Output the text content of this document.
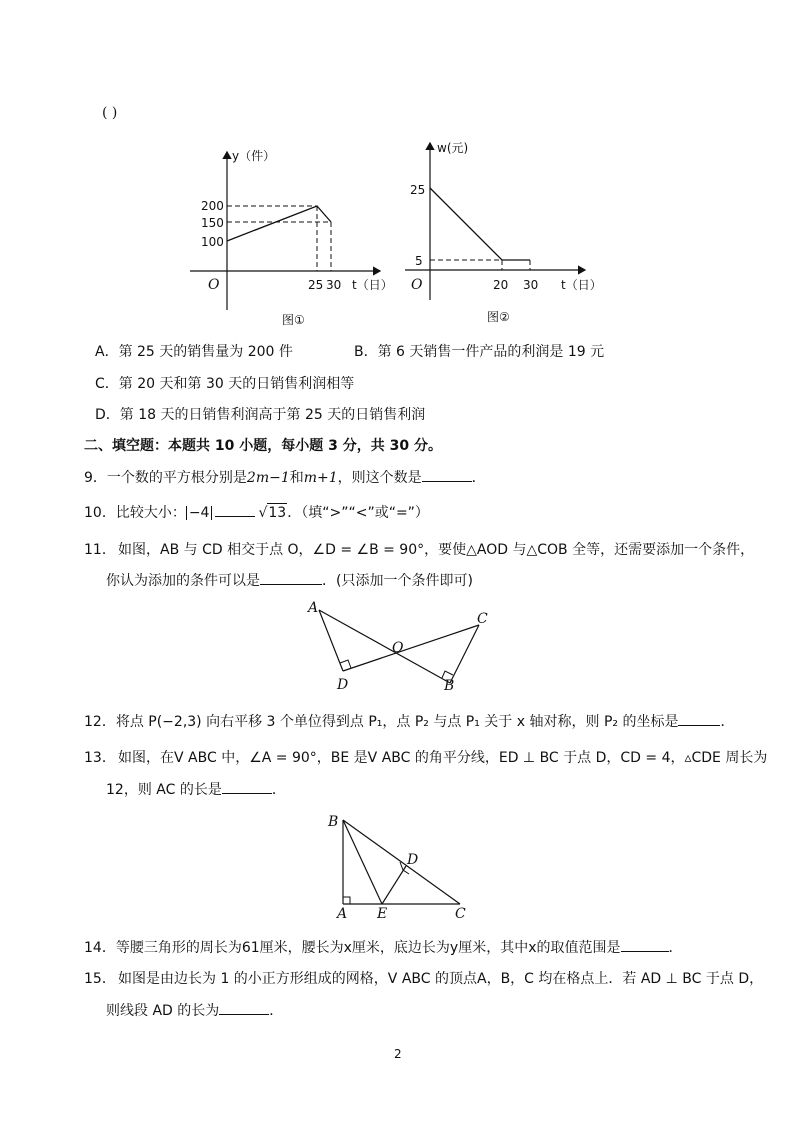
( )
y（件）
200
150
100
O	25 30 t（日）
图①
w(元)
25
5
O	20 30 t（日）
图②
A．第 25 天的销售量为 200 件	B．第 6 天销售一件产品的利润是 19 元
C．第 20 天和第 30 天的日销售利润相等
D．第 18 天的日销售利润高于第 25 天的日销售利润
二、填空题：本题共 10 小题，每小题 3 分，共 30 分。
9．一个数的平方根分别是2m−1和m+1，则这个数是	．
10．比较大小： −4	√13．（填“>”“<”或“=”）
11． 如图，AB 与 CD 相交于点 O，∠D = ∠B = 90°，要使△AOD 与△COB 全等，还需要添加一个条件，
你认为添加的条件可以是	．(只添加一个条件即可)
A
C
O
D	B
12．将点 P(−2,3) 向右平移 3 个单位得到点 P₁，点 P₂ 与点 P₁ 关于 x 轴对称，则 P₂ 的坐标是	．
13． 如图，在V ABC 中，∠A = 90°，BE 是V ABC 的角平分线，ED ⊥ BC 于点 D，CD = 4，▵CDE 周长为
12，则 AC 的长是	．
B
D
A E	C
14．等腰三角形的周长为61厘米，腰长为x厘米，底边长为y厘米，其中x的取值范围是	．
15． 如图是由边长为 1 的小正方形组成的网格，V ABC 的顶点A，B，C 均在格点上．若 AD ⊥ BC 于点 D，
则线段 AD 的长为	．
2
